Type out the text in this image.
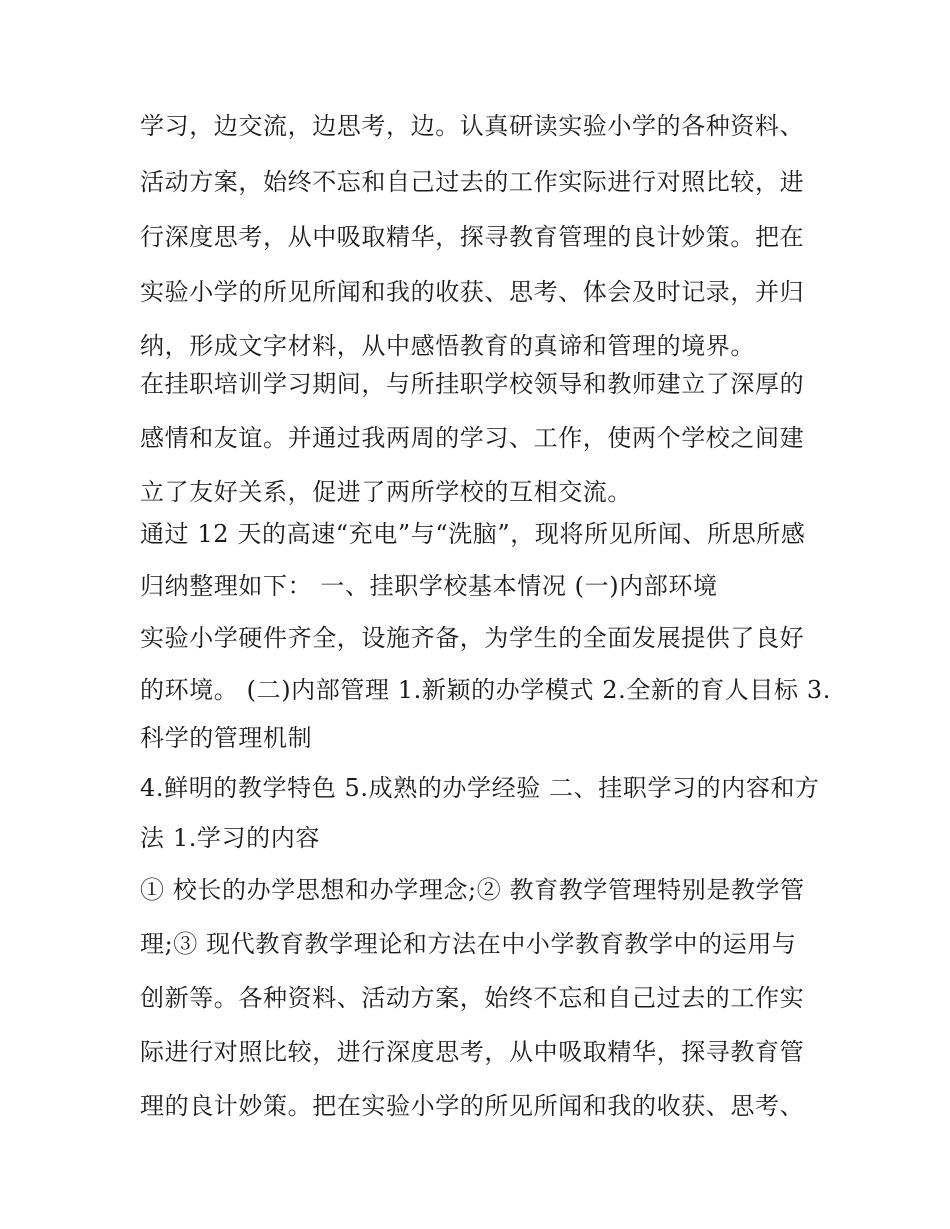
学习，边交流，边思考，边。认真研读实验小学的各种资料、
活动方案，始终不忘和自己过去的工作实际进行对照比较，进
行深度思考，从中吸取精华，探寻教育管理的良计妙策。把在
实验小学的所见所闻和我的收获、思考、体会及时记录，并归
纳，形成文字材料，从中感悟教育的真谛和管理的境界。
在挂职培训学习期间，与所挂职学校领导和教师建立了深厚的
感情和友谊。并通过我两周的学习、工作，使两个学校之间建
立了友好关系，促进了两所学校的互相交流。
通过 12 天的高速“充电”与“洗脑”，现将所见所闻、所思所感
归纳整理如下： 一、挂职学校基本情况 (一)内部环境
实验小学硬件齐全，设施齐备，为学生的全面发展提供了良好
的环境。 (二)内部管理 1.新颖的办学模式 2.全新的育人目标 3.
科学的管理机制
4.鲜明的教学特色 5.成熟的办学经验 二、挂职学习的内容和方
法 1.学习的内容
① 校长的办学思想和办学理念;② 教育教学管理特别是教学管
理;③ 现代教育教学理论和方法在中小学教育教学中的运用与
创新等。各种资料、活动方案，始终不忘和自己过去的工作实
际进行对照比较，进行深度思考，从中吸取精华，探寻教育管
理的良计妙策。把在实验小学的所见所闻和我的收获、思考、
